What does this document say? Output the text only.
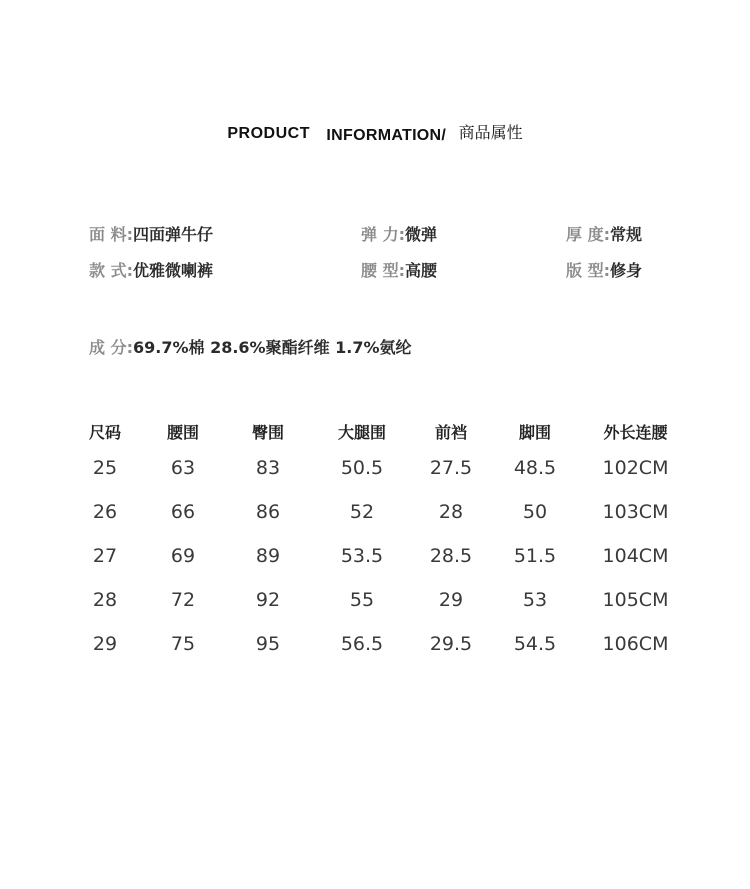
PRODUCT INFORMATION/ 商品属性
面 料:四面弹牛仔	弹 力:微弹	厚 度:常规
款 式:优雅微喇裤	腰 型:高腰	版 型:修身
成 分:69.7%棉 28.6%聚酯纤维 1.7%氨纶
尺码	腰围	臀围	大腿围	前裆	脚围	外长连腰
25	63	83	50.5	27.5	48.5	102CM
26	66	86	52	28	50	103CM
27	69	89	53.5	28.5	51.5	104CM
28	72	92	55	29	53	105CM
29	75	95	56.5	29.5	54.5	106CM
